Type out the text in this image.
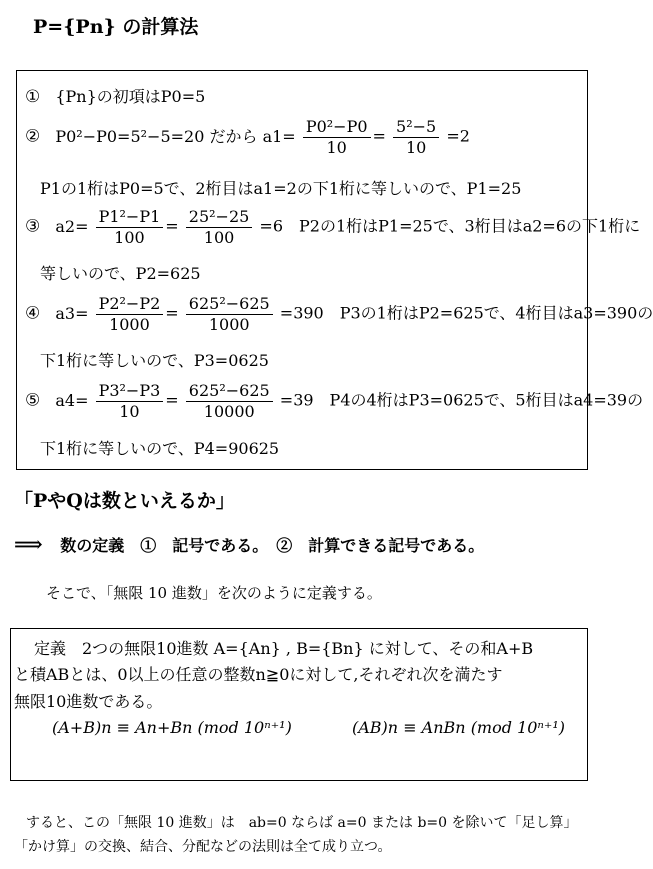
P={Pn} の計算法
① {Pn}の初項はP0=5
② P0²−P0=5²−5=20 だから $a1= \frac{\text{P0²−P0}}{10} = \frac{\text{5²−5}}{10} =2$
P1の1桁はP0=5で、2桁目はa1=2の下1桁に等しいので、P1=25
③ $a2= \frac{\text{P1²−P1}}{100} = \frac{\text{25²−25}}{100} =6$　P2の1桁はP1=25で、3桁目はa2=6の下1桁に
等しいので、P2=625
④ $a3= \frac{\text{P2²−P2}}{1000} = \frac{\text{625²−625}}{1000} =390$　P3の1桁はP2=625で、4桁目はa3=390の
下1桁に等しいので、P3=0625
⑤ $a4= \frac{\text{P3²−P3}}{10} = \frac{\text{625²−625}}{10000} =39$　P4の4桁はP3=0625で、5桁目はa4=39の
下1桁に等しいので、P4=90625
「PやQは数といえるか」
⟹ 数の定義　①　記号である。　②　計算できる記号である。
そこで、「無限 10 進数」を次のように定義する。
定義　2つの無限10進数 A={An} , B={Bn} に対して、その和A+B
と積ABとは、0以上の任意の整数n≧0に対して,それぞれ次を満たす
無限10進数である。
(A+B)n ≡ An+Bn (mod 10ⁿ⁺¹)	(AB)n ≡ AnBn (mod 10ⁿ⁺¹)
すると、この「無限 10 進数」は　ab=0 ならば a=0 または b=0 を除いて「足し算」
「かけ算」の交換、結合、分配などの法則は全て成り立つ。
